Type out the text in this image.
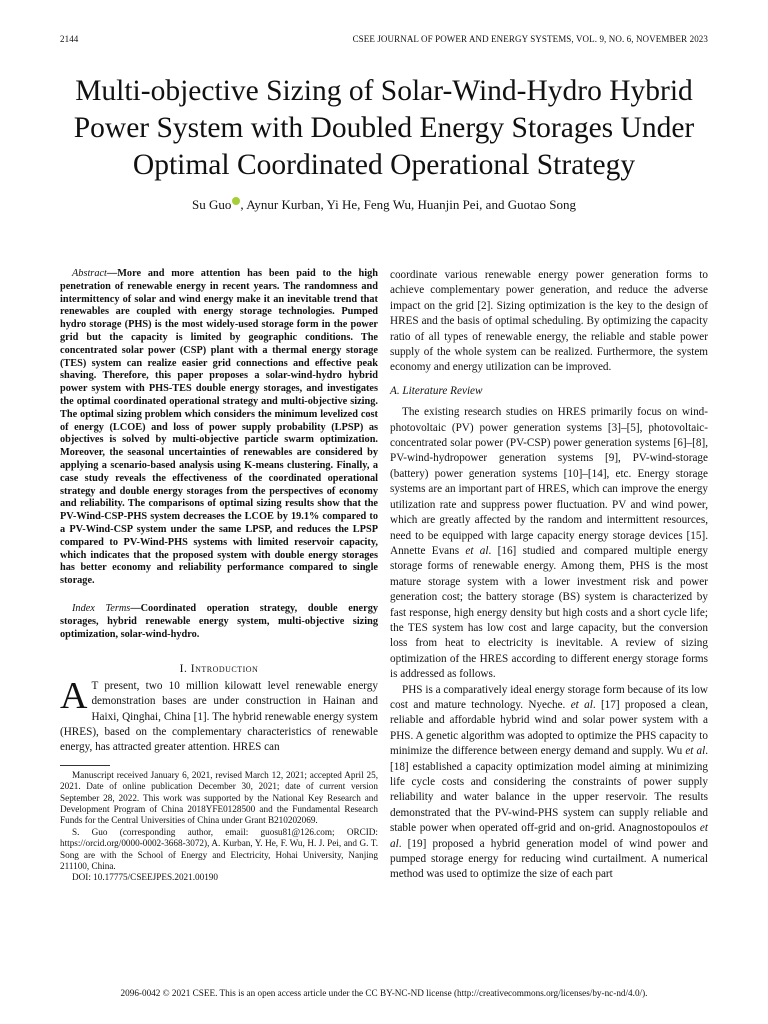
2144	CSEE JOURNAL OF POWER AND ENERGY SYSTEMS, VOL. 9, NO. 6, NOVEMBER 2023
Multi-objective Sizing of Solar-Wind-Hydro Hybrid Power System with Doubled Energy Storages Under Optimal Coordinated Operational Strategy
Su Guo , Aynur Kurban, Yi He, Feng Wu, Huanjin Pei, and Guotao Song

Abstract—More and more attention has been paid to the high penetration of renewable energy in recent years. The randomness and intermittency of solar and wind energy make it an inevitable trend that renewables are coupled with energy storage technologies. Pumped hydro storage (PHS) is the most widely-used storage form in the power grid but the capacity is limited by geographic conditions. The concentrated solar power (CSP) plant with a thermal energy storage (TES) system can realize easier grid connections and effective peak shaving. Therefore, this paper proposes a solar-wind-hydro hybrid power system with PHS-TES double energy storages, and investigates the optimal coordinated operational strategy and multi-objective sizing. The optimal sizing problem which considers the minimum levelized cost of energy (LCOE) and loss of power supply probability (LPSP) as objectives is solved by multi-objective particle swarm optimization. Moreover, the seasonal uncertainties of renewables are considered by applying a scenario-based analysis using K-means clustering. Finally, a case study reveals the effectiveness of the coordinated operational strategy and double energy storages from the perspectives of economy and reliability. The comparisons of optimal sizing results show that the PV-Wind-CSP-PHS system decreases the LCOE by 19.1% compared to a PV-Wind-CSP system under the same LPSP, and reduces the LPSP compared to PV-Wind-PHS systems with limited reservoir capacity, which indicates that the proposed system with double energy storages has better economy and reliability performance compared to single storage.

Index Terms—Coordinated operation strategy, double energy storages, hybrid renewable energy system, multi-objective sizing optimization, solar-wind-hydro.

I. Introduction

A T present, two 10 million kilowatt level renewable energy demonstration bases are under construction in Hainan and Haixi, Qinghai, China [1]. The hybrid renewable energy system (HRES), based on the complementary characteristics of renewable energy, has attracted greater attention. HRES can

Manuscript received January 6, 2021, revised March 12, 2021; accepted April 25, 2021. Date of online publication December 30, 2021; date of current version September 28, 2022. This work was supported by the National Key Research and Development Program of China 2018YFE0128500 and the Fundamental Research Funds for the Central Universities of China under Grant B210202069.

S. Guo (corresponding author, email: guosu81@126.com; ORCID: https://orcid.org/0000-0002-3668-3072), A. Kurban, Y. He, F. Wu, H. J. Pei, and G. T. Song are with the School of Energy and Electricity, Hohai University, Nanjing 211100, China.

DOI: 10.17775/CSEEJPES.2021.00190

coordinate various renewable energy power generation forms to achieve complementary power generation, and reduce the adverse impact on the grid [2]. Sizing optimization is the key to the design of HRES and the basis of optimal scheduling. By optimizing the capacity ratio of all types of renewable energy, the reliable and stable power supply of the whole system can be realized. Furthermore, the system economy and energy utilization can be improved.

A. Literature Review

The existing research studies on HRES primarily focus on wind-photovoltaic (PV) power generation systems [3]–[5], photovoltaic-concentrated solar power (PV-CSP) power generation systems [6]–[8], PV-wind-hydropower generation systems [9], PV-wind-storage (battery) power generation systems [10]–[14], etc. Energy storage systems are an important part of HRES, which can improve the energy utilization rate and suppress power fluctuation. PV and wind power, which are greatly affected by the random and intermittent resources, need to be equipped with large capacity energy storage devices [15]. Annette Evans et al. [16] studied and compared multiple energy storage forms of renewable energy. Among them, PHS is the most mature storage system with a lower investment risk and power generation cost; the battery storage (BS) system is characterized by fast response, high energy density but high costs and a short cycle life; the TES system has low cost and large capacity, but the conversion loss from heat to electricity is inevitable. A review of sizing optimization of the HRES according to different energy storage forms is addressed as follows.

PHS is a comparatively ideal energy storage form because of its low cost and mature technology. Nyeche. et al. [17] proposed a clean, reliable and affordable hybrid wind and solar power system with a PHS. A genetic algorithm was adopted to optimize the PHS capacity to minimize the difference between energy demand and supply. Wu et al. [18] established a capacity optimization model aiming at minimizing life cycle costs and considering the constraints of power supply reliability and water balance in the upper reservoir. The results demonstrated that the PV-wind-PHS system can supply reliable and stable power when operated off-grid and on-grid. Anagnostopoulos et al. [19] proposed a hybrid generation model of wind power and pumped storage energy for reducing wind curtailment. A numerical method was used to optimize the size of each part

2096-0042 © 2021 CSEE. This is an open access article under the CC BY-NC-ND license (http://creativecommons.org/licenses/by-nc-nd/4.0/).
